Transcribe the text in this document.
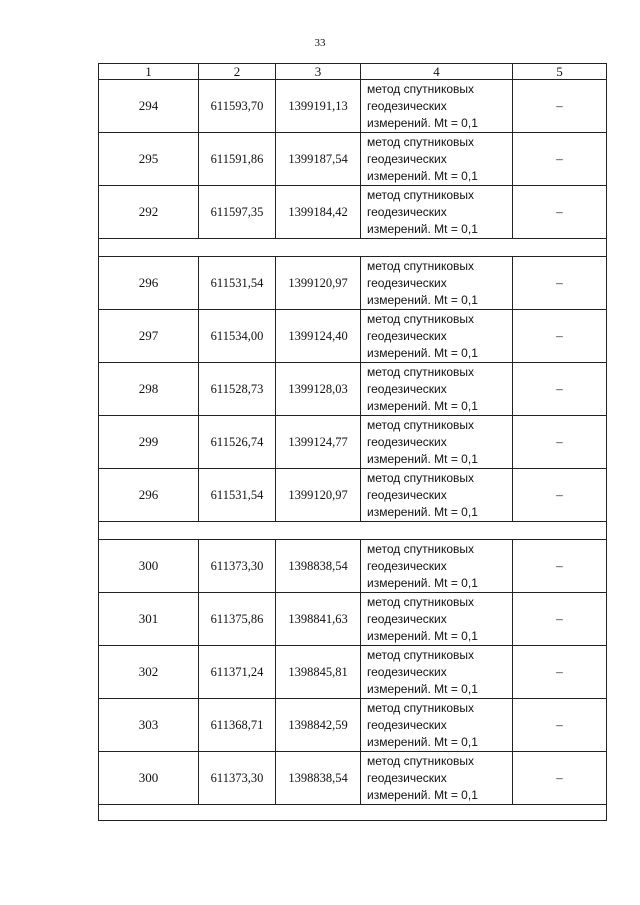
33
1	2	3	4	5
294	611593,70	1399191,13	метод спутниковых
геодезических
измерений. Mt = 0,1	–
295	611591,86	1399187,54	метод спутниковых
геодезических
измерений. Mt = 0,1	–
292	611597,35	1399184,42	метод спутниковых
геодезических
измерений. Mt = 0,1	–

296	611531,54	1399120,97	метод спутниковых
геодезических
измерений. Mt = 0,1	–
297	611534,00	1399124,40	метод спутниковых
геодезических
измерений. Mt = 0,1	–
298	611528,73	1399128,03	метод спутниковых
геодезических
измерений. Mt = 0,1	–
299	611526,74	1399124,77	метод спутниковых
геодезических
измерений. Mt = 0,1	–
296	611531,54	1399120,97	метод спутниковых
геодезических
измерений. Mt = 0,1	–

300	611373,30	1398838,54	метод спутниковых
геодезических
измерений. Mt = 0,1	–
301	611375,86	1398841,63	метод спутниковых
геодезических
измерений. Mt = 0,1	–
302	611371,24	1398845,81	метод спутниковых
геодезических
измерений. Mt = 0,1	–
303	611368,71	1398842,59	метод спутниковых
геодезических
измерений. Mt = 0,1	–
300	611373,30	1398838,54	метод спутниковых
геодезических
измерений. Mt = 0,1	–
